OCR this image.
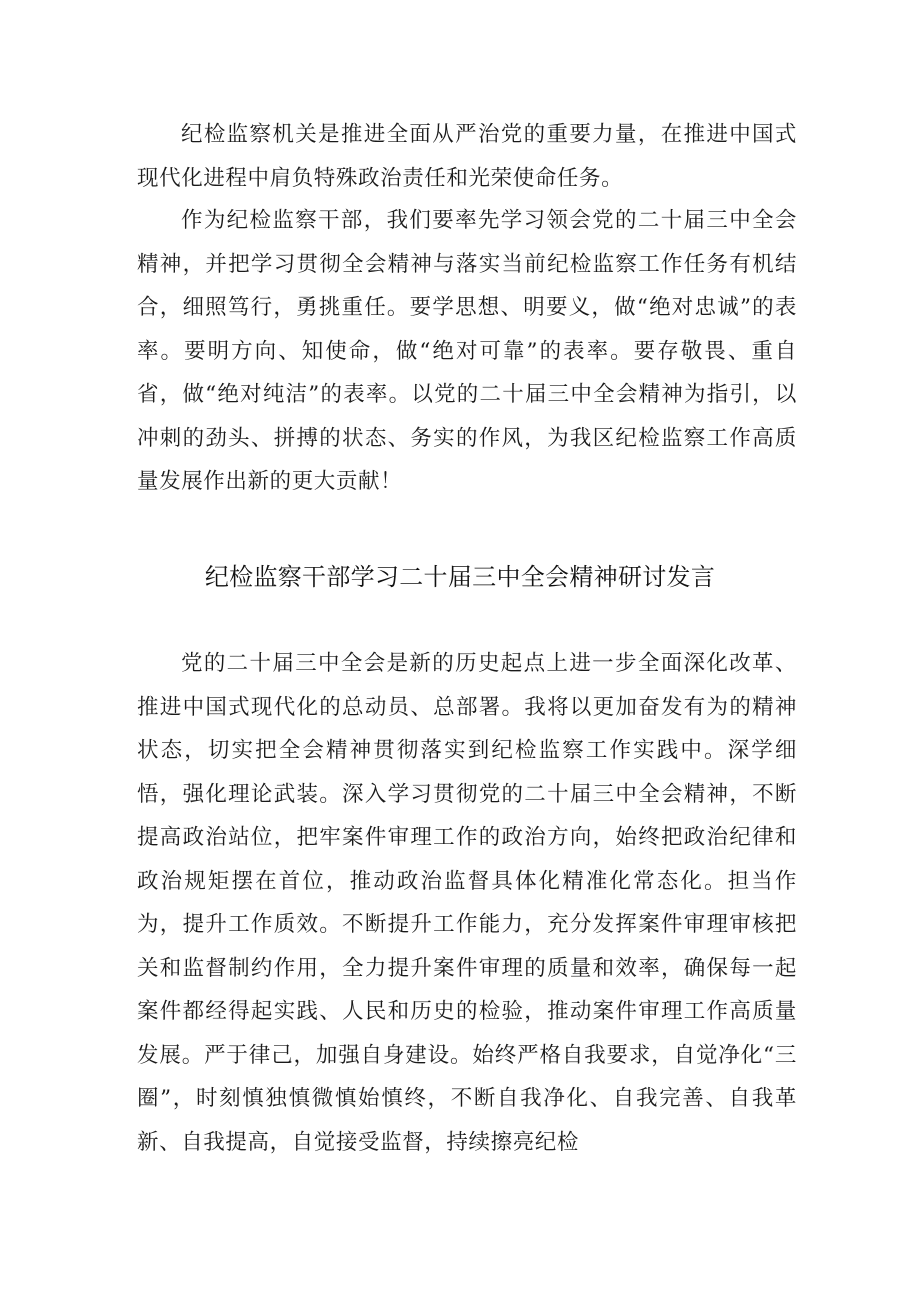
纪检监察机关是推进全面从严治党的重要力量，在推进中国式现代化进程中肩负特殊政治责任和光荣使命任务。

作为纪检监察干部，我们要率先学习领会党的二十届三中全会精神，并把学习贯彻全会精神与落实当前纪检监察工作任务有机结合，细照笃行，勇挑重任。要学思想、明要义，做“绝对忠诚”的表率。要明方向、知使命，做“绝对可靠”的表率。要存敬畏、重自省，做“绝对纯洁”的表率。以党的二十届三中全会精神为指引，以冲刺的劲头、拼搏的状态、务实的作风，为我区纪检监察工作高质量发展作出新的更大贡献！

纪检监察干部学习二十届三中全会精神研讨发言

党的二十届三中全会是新的历史起点上进一步全面深化改革、推进中国式现代化的总动员、总部署。我将以更加奋发有为的精神状态，切实把全会精神贯彻落实到纪检监察工作实践中。深学细悟，强化理论武装。深入学习贯彻党的二十届三中全会精神，不断提高政治站位，把牢案件审理工作的政治方向，始终把政治纪律和政治规矩摆在首位，推动政治监督具体化精准化常态化。担当作为，提升工作质效。不断提升工作能力，充分发挥案件审理审核把关和监督制约作用，全力提升案件审理的质量和效率，确保每一起案件都经得起实践、人民和历史的检验，推动案件审理工作高质量发展。严于律己，加强自身建设。始终严格自我要求，自觉净化“三圈”，时刻慎独慎微慎始慎终，不断自我净化、自我完善、自我革新、自我提高，自觉接受监督，持续擦亮纪检
